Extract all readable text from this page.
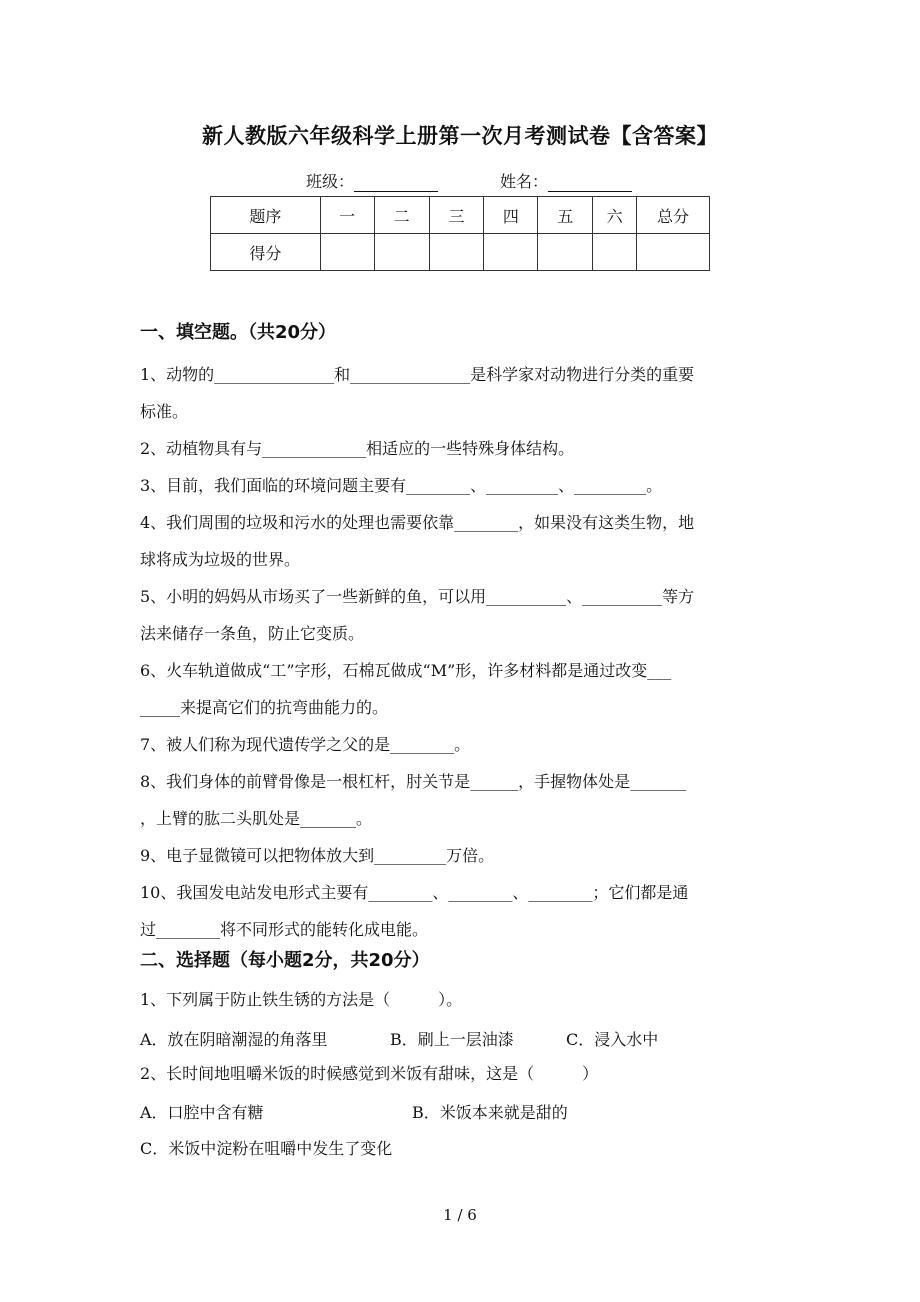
新人教版六年级科学上册第一次月考测试卷【含答案】
班级：	姓名：
题序	一	二	三	四	五	六	总分
得分							
一、填空题。（共20分）

1、动物的_______________和_______________是科学家对动物进行分类的重要

标准。

2、动植物具有与_____________相适应的一些特殊身体结构。

3、目前，我们面临的环境问题主要有________、_________、_________。

4、我们周围的垃圾和污水的处理也需要依靠________，如果没有这类生物，地

球将成为垃圾的世界。

5、小明的妈妈从市场买了一些新鲜的鱼，可以用__________、__________等方

法来储存一条鱼，防止它变质。

6、火车轨道做成“工”字形，石棉瓦做成“M”形，许多材料都是通过改变___

_____来提高它们的抗弯曲能力的。

7、被人们称为现代遗传学之父的是________。

8、我们身体的前臂骨像是一根杠杆，肘关节是______，手握物体处是_______

，上臂的肱二头肌处是_______。

9、电子显微镜可以把物体放大到_________万倍。

10、我国发电站发电形式主要有________、________、________；它们都是通

过________将不同形式的能转化成电能。

二、选择题（每小题2分，共20分）

1、下列属于防止铁生锈的方法是（　　　）。

A．放在阴暗潮湿的角落里	B．刷上一层油漆	C．浸入水中

2、长时间地咀嚼米饭的时候感觉到米饭有甜味，这是（　　　）

A．口腔中含有糖	B．米饭本来就是甜的
C．米饭中淀粉在咀嚼中发生了变化
1 / 6
